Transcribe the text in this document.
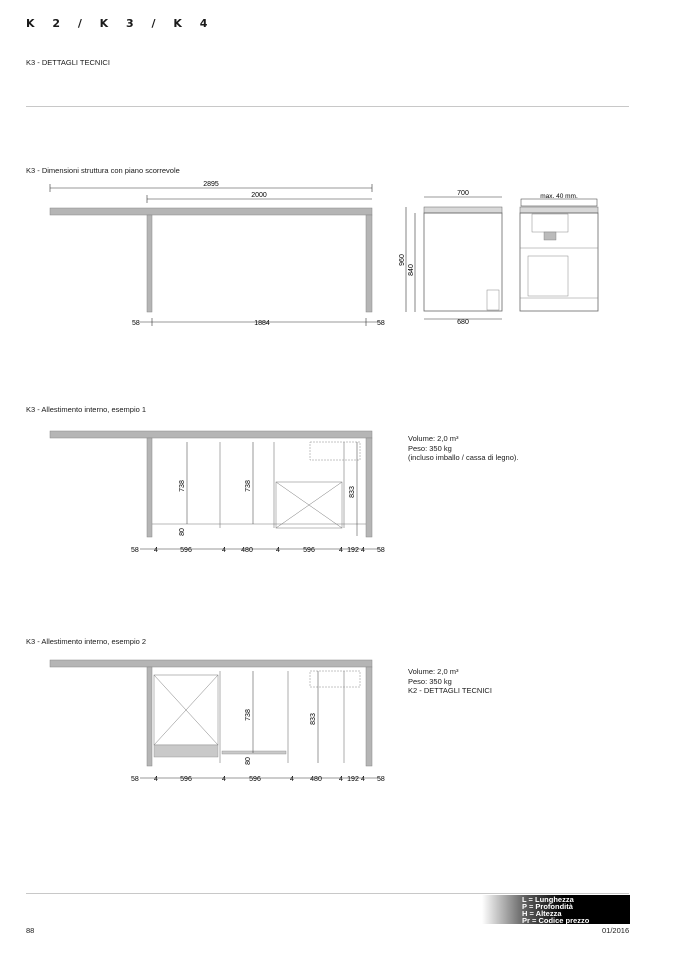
K 2 / K 3 / K 4
K3 - DETTAGLI TECNICI
K3 - Dimensioni struttura con piano scorrevole
2895
2000
58	1884	58
700
960
840
680
max. 40 mm.
K3 - Allestimento interno, esempio 1
738	738
833
80
58 4	596	4 480	4	596	4 192 4 58
Volume: 2,0 m³
Peso: 350 kg
(incluso imballo / cassa di legno).
K3 - Allestimento interno, esempio 2
738	833
80
58 4	596	4	596	4 480 4 192 4 58
Volume: 2,0 m³
Peso: 350 kg
K2 - DETTAGLI TECNICI
L = Lunghezza
P = Profondità
H = Altezza
Pr = Codice prezzo
88	01/2016
